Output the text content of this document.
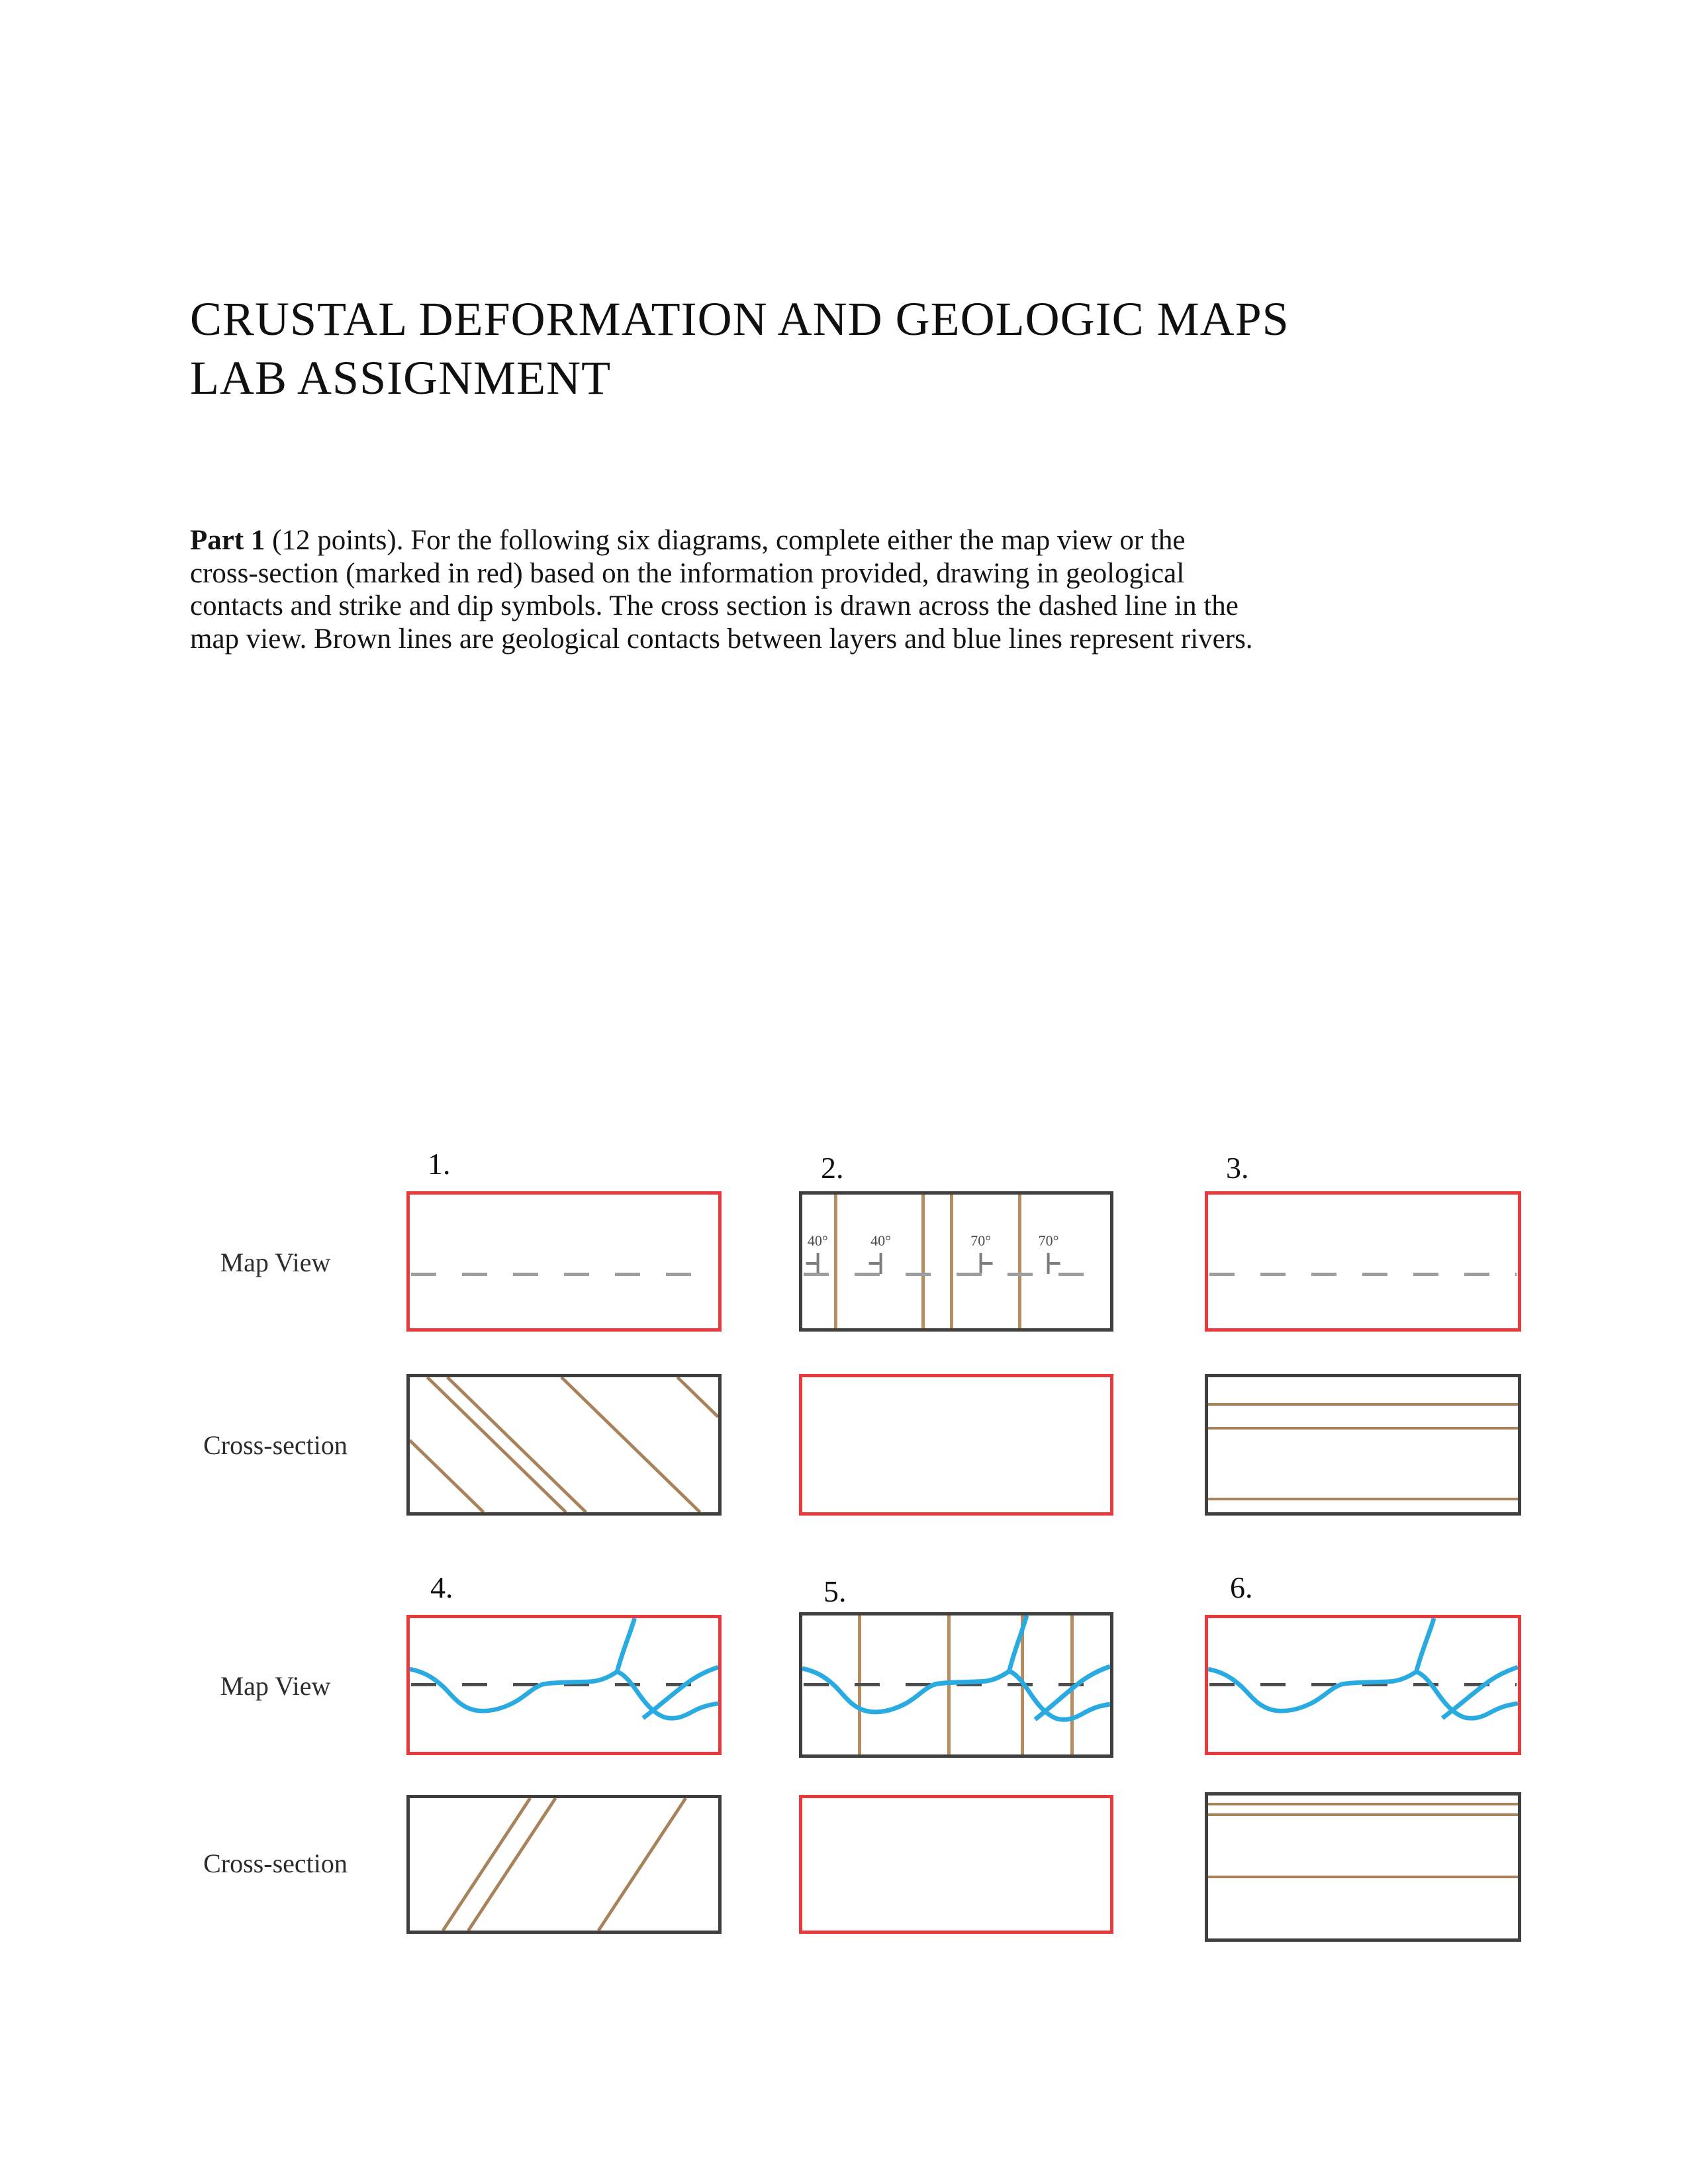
CRUSTAL DEFORMATION AND GEOLOGIC MAPS
LAB ASSIGNMENT
Part 1 (12 points). For the following six diagrams, complete either the map view or the
cross-section (marked in red) based on the information provided, drawing in geological
contacts and strike and dip symbols. The cross section is drawn across the dashed line in the
map view. Brown lines are geological contacts between layers and blue lines represent rivers.
Map View
Cross-section
Map View
Cross-section
1.	2.	3.
4.	5.	6.
40°	40°	70°	70°
